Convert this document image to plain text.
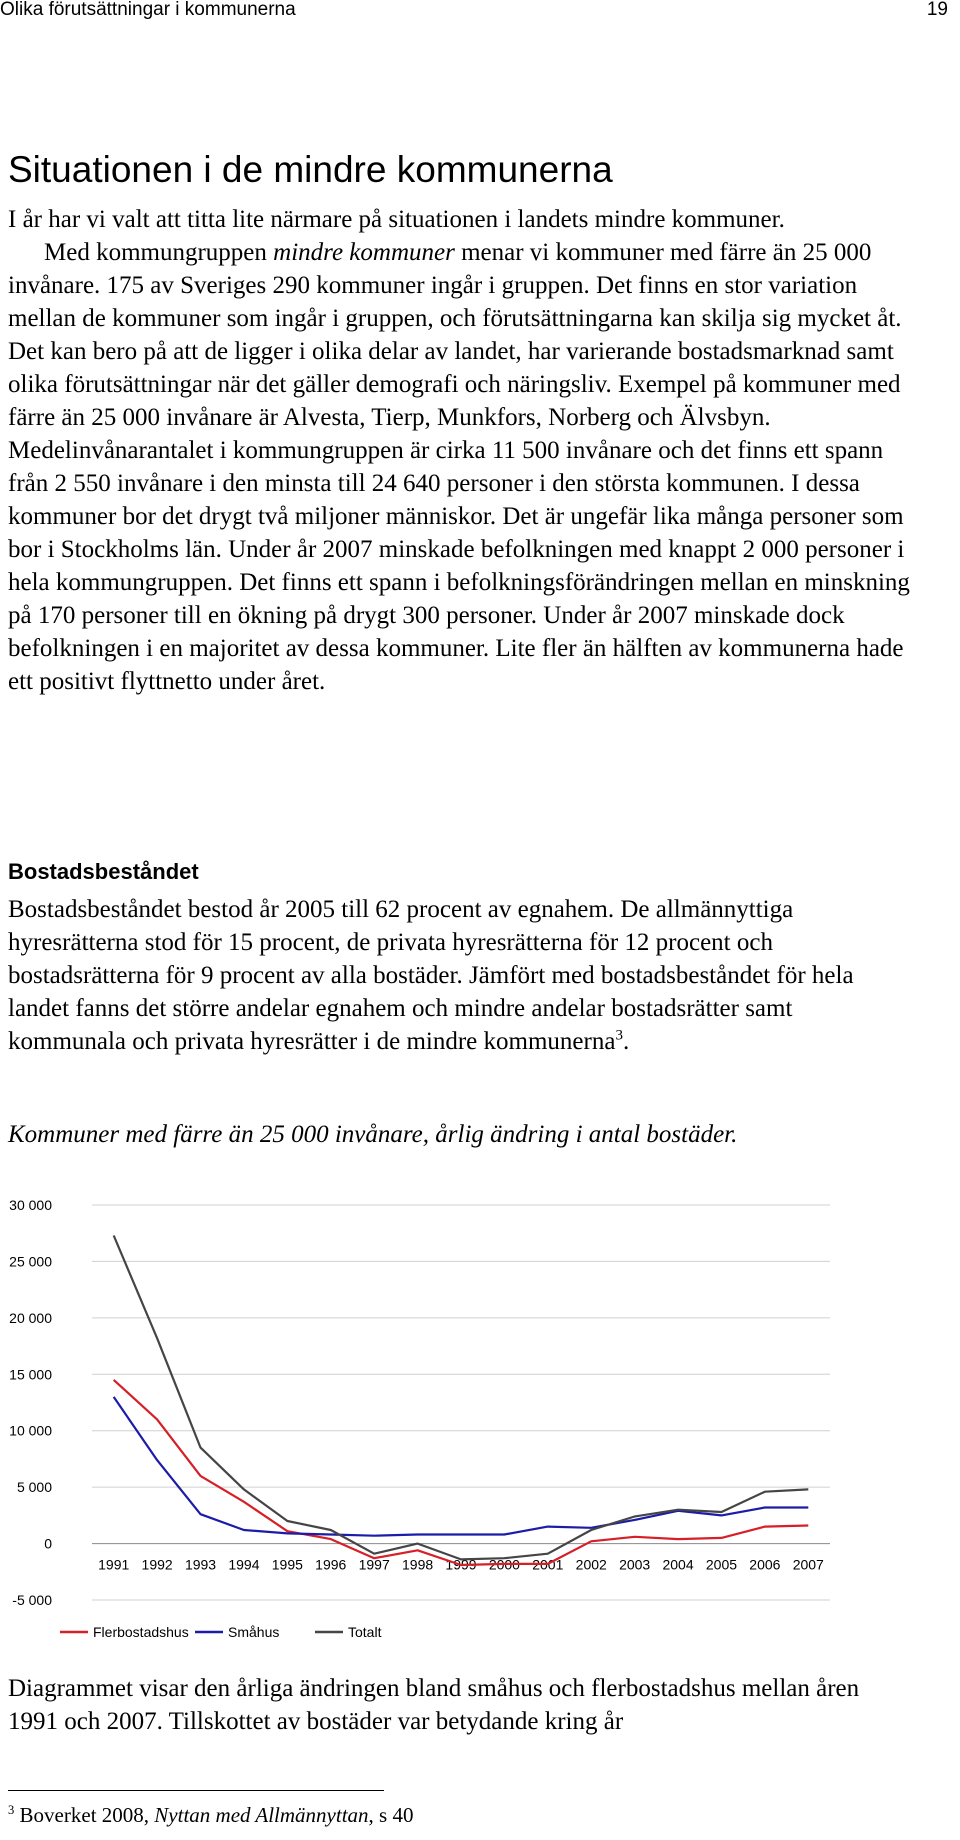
Olika förutsättningar i kommunerna	19
Situationen i de mindre kommunerna

I år har vi valt att titta lite närmare på situationen i landets mindre kommuner.

Med kommungruppen mindre kommuner menar vi kommuner med färre än 25 000 invånare. 175 av Sveriges 290 kommuner ingår i gruppen. Det finns en stor variation mellan de kommuner som ingår i gruppen, och förutsättningarna kan skilja sig mycket åt. Det kan bero på att de ligger i olika delar av landet, har varierande bostadsmarknad samt olika förutsättningar när det gäller demografi och näringsliv. Exempel på kommuner med färre än 25 000 invånare är Alvesta, Tierp, Munkfors, Norberg och Älvsbyn. Medelinvånarantalet i kommungruppen är cirka 11 500 invånare och det finns ett spann från 2 550 invånare i den minsta till 24 640 personer i den största kommunen. I dessa kommuner bor det drygt två miljoner människor. Det är ungefär lika många personer som bor i Stockholms län. Under år 2007 minskade befolkningen med knappt 2 000 personer i hela kommungruppen. Det finns ett spann i befolkningsförändringen mellan en minskning på 170 personer till en ökning på drygt 300 personer. Under år 2007 minskade dock befolkningen i en majoritet av dessa kommuner. Lite fler än hälften av kommunerna hade ett positivt flyttnetto under året.

Bostadsbeståndet

Bostadsbeståndet bestod år 2005 till 62 procent av egnahem. De allmännyttiga hyresrätterna stod för 15 procent, de privata hyresrätterna för 12 procent och bostadsrätterna för 9 procent av alla bostäder. Jämfört med bostadsbeståndet för hela landet fanns det större andelar egnahem och mindre andelar bostadsrätter samt kommunala och privata hyresrätter i de mindre kommunerna$^3$.

Kommuner med färre än 25 000 invånare, årlig ändring i antal bostäder.
-5 000
0
5 000
10 000
15 000
20 000
25 000
30 000
1991 1992 1993 1994 1995 1996 1997 1998 1999 2000 2001 2002 2003 2004 2005 2006 2007
Flerbostadshus	Småhus	Totalt

Diagrammet visar den årliga ändringen bland småhus och flerbostadshus mellan åren 1991 och 2007. Tillskottet av bostäder var betydande kring år

$^3$ Boverket 2008, Nyttan med Allmännyttan, s 40
